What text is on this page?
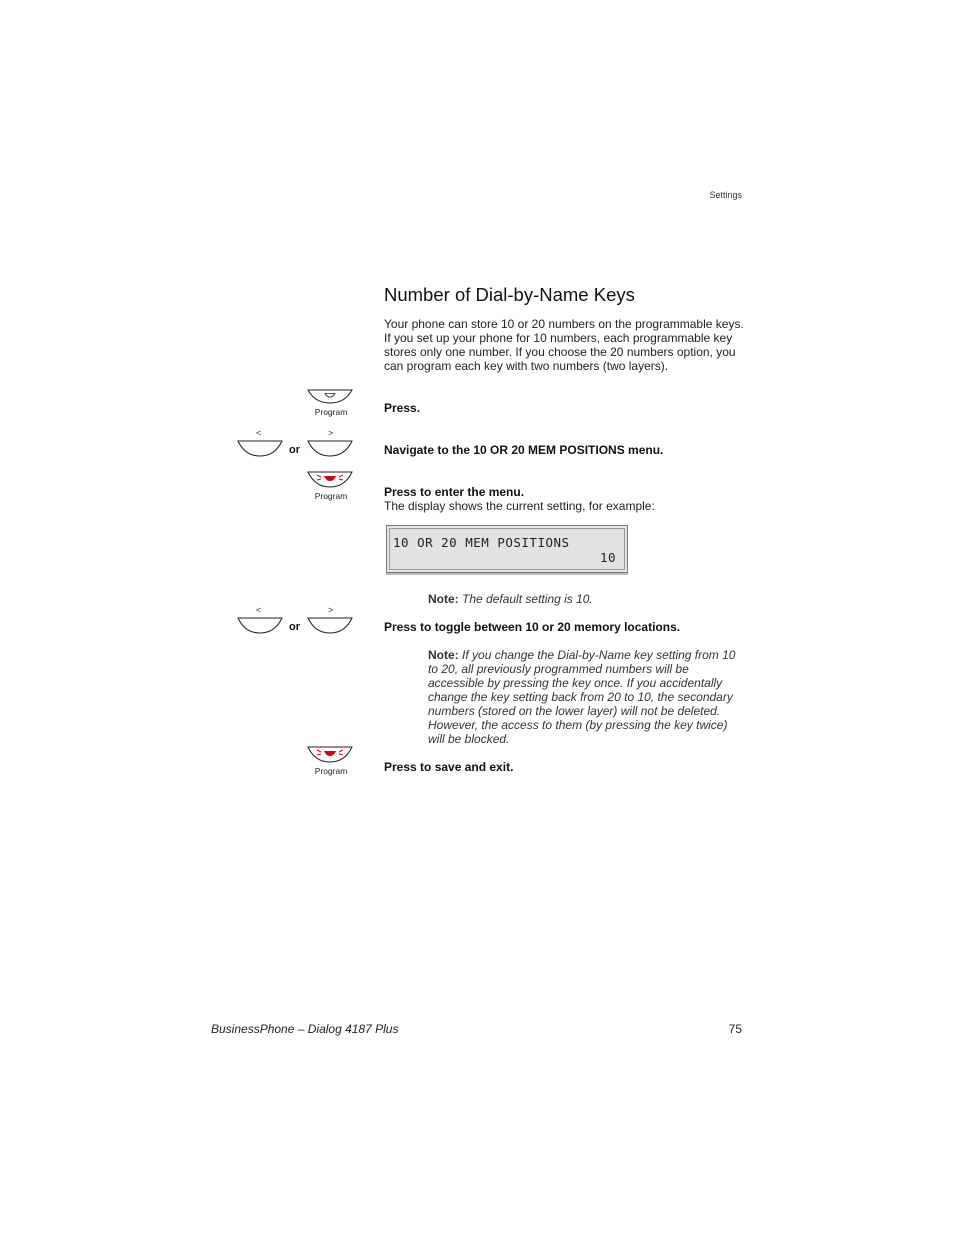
Settings
Number of Dial-by-Name Keys
Your phone can store 10 or 20 numbers on the programmable keys. If you set up your phone for 10 numbers, each programmable key stores only one number. If you choose the 20 numbers option, you can program each key with two numbers (two layers).
Program	Press.
<	>
or	Navigate to the 10 OR 20 MEM POSITIONS menu.
Program	Press to enter the menu.
The display shows the current setting, for example:
10 OR 20 MEM POSITIONS
10
Note: The default setting is 10.
<	>
or	Press to toggle between 10 or 20 memory locations.
Note: If you change the Dial-by-Name key setting from 10 to 20, all previously programmed numbers will be accessible by pressing the key once. If you accidentally change the key setting back from 20 to 10, the secondary numbers (stored on the lower layer) will not be deleted. However, the access to them (by pressing the key twice) will be blocked.
Program	Press to save and exit.
BusinessPhone – Dialog 4187 Plus	75
